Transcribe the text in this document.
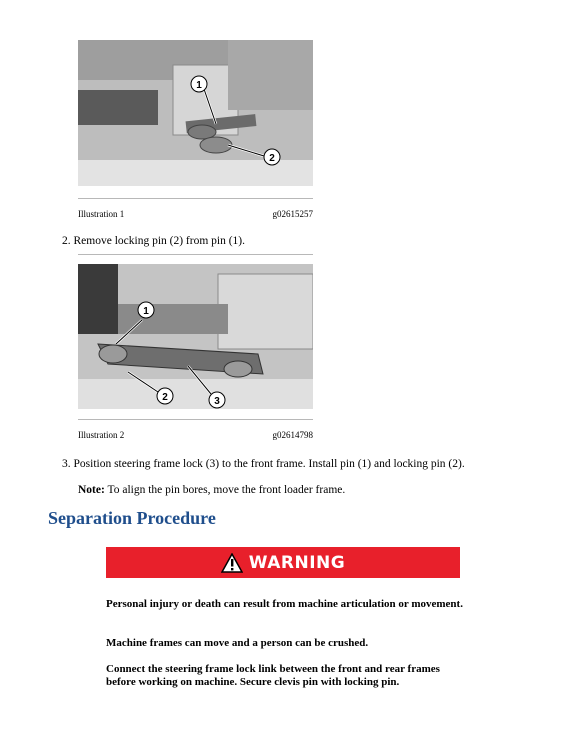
1
2
Illustration 1	g02615257
2. Remove locking pin (2) from pin (1).
1
2	3
Illustration 2	g02614798
3. Position steering frame lock (3) to the front frame. Install pin (1) and locking pin (2).
Note: To align the pin bores, move the front loader frame.
Separation Procedure
WARNING
Personal injury or death can result from machine articulation or movement.
Machine frames can move and a person can be crushed.
Connect the steering frame lock link between the front and rear frames before working on machine. Secure clevis pin with locking pin.
